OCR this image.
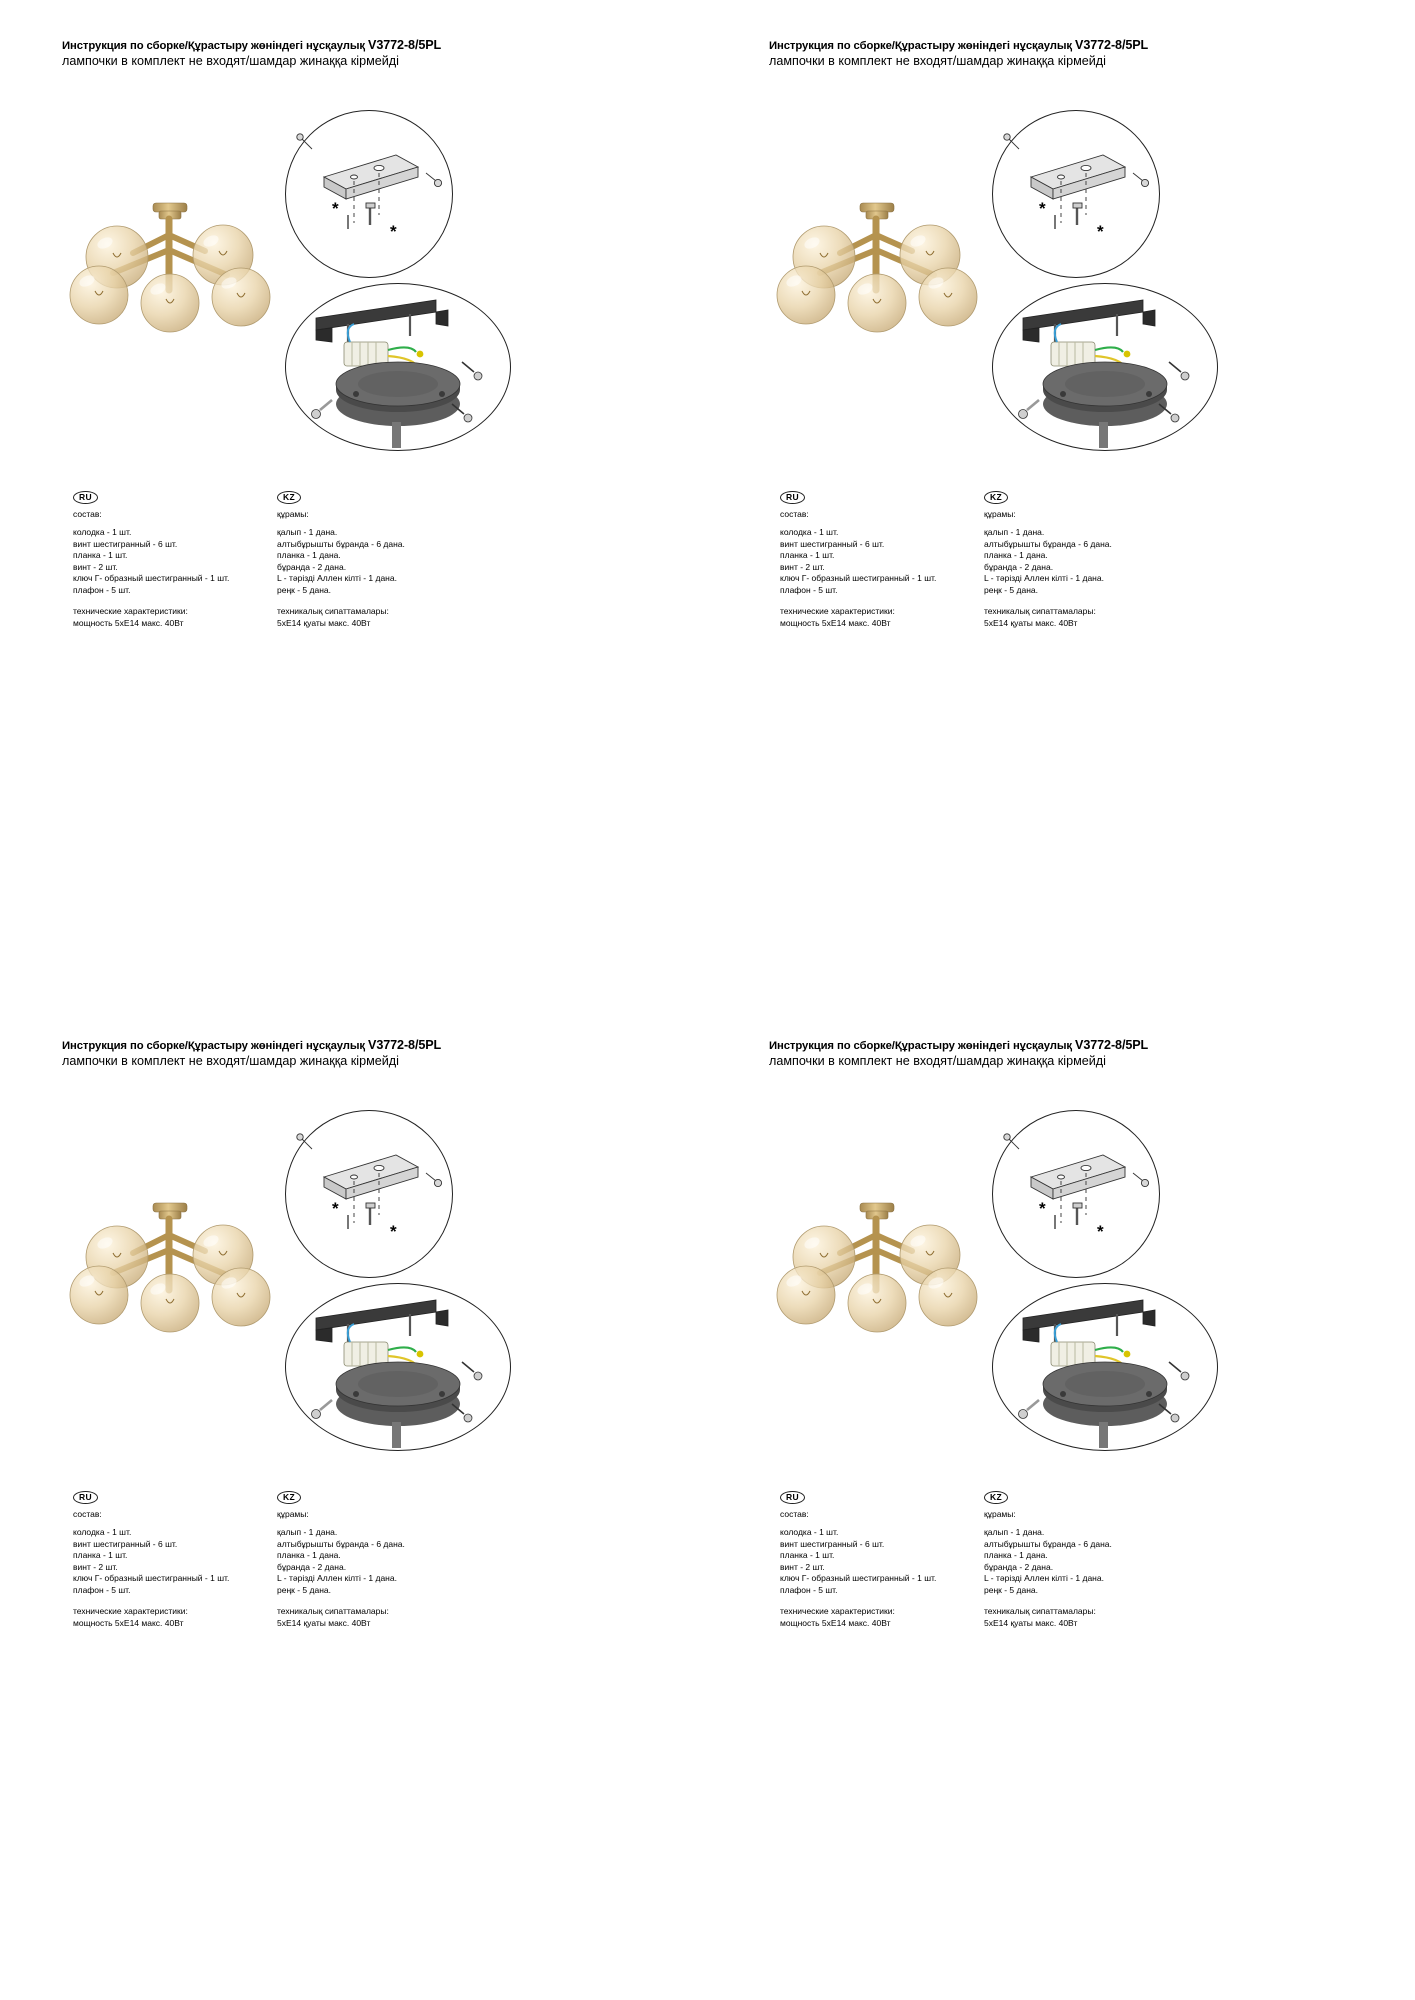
Инструкция по сборке/Құрастыру жөніндегі нұсқаулық V3772-8/5PL
лампочки в комплект не входят/шамдар жинаққа кірмейді
*
*
RU
состав:
колодка - 1 шт.
винт шестигранный - 6 шт.
планка - 1 шт.
винт - 2 шт.
ключ Г- образный шестигранный - 1 шт.
плафон - 5 шт.
технические характеристики:
мощность 5хЕ14 макс. 40Вт
KZ
құрамы:
қалып - 1 дана.
алтыбұрышты бұранда - 6 дана.
планка - 1 дана.
бұранда - 2 дана.
L - тәрізді Аллен кілті - 1 дана.
реңк - 5 дана.
техникалық сипаттамалары:
5хЕ14 қуаты макс. 40Вт
Инструкция по сборке/Құрастыру жөніндегі нұсқаулық V3772-8/5PL
лампочки в комплект не входят/шамдар жинаққа кірмейді
*
*
RU
состав:
колодка - 1 шт.
винт шестигранный - 6 шт.
планка - 1 шт.
винт - 2 шт.
ключ Г- образный шестигранный - 1 шт.
плафон - 5 шт.
технические характеристики:
мощность 5хЕ14 макс. 40Вт
KZ
құрамы:
қалып - 1 дана.
алтыбұрышты бұранда - 6 дана.
планка - 1 дана.
бұранда - 2 дана.
L - тәрізді Аллен кілті - 1 дана.
реңк - 5 дана.
техникалық сипаттамалары:
5хЕ14 қуаты макс. 40Вт
Инструкция по сборке/Құрастыру жөніндегі нұсқаулық V3772-8/5PL
лампочки в комплект не входят/шамдар жинаққа кірмейді
*
*
RU
состав:
колодка - 1 шт.
винт шестигранный - 6 шт.
планка - 1 шт.
винт - 2 шт.
ключ Г- образный шестигранный - 1 шт.
плафон - 5 шт.
технические характеристики:
мощность 5хЕ14 макс. 40Вт
KZ
құрамы:
қалып - 1 дана.
алтыбұрышты бұранда - 6 дана.
планка - 1 дана.
бұранда - 2 дана.
L - тәрізді Аллен кілті - 1 дана.
реңк - 5 дана.
техникалық сипаттамалары:
5хЕ14 қуаты макс. 40Вт
Инструкция по сборке/Құрастыру жөніндегі нұсқаулық V3772-8/5PL
лампочки в комплект не входят/шамдар жинаққа кірмейді
*
*
RU
состав:
колодка - 1 шт.
винт шестигранный - 6 шт.
планка - 1 шт.
винт - 2 шт.
ключ Г- образный шестигранный - 1 шт.
плафон - 5 шт.
технические характеристики:
мощность 5хЕ14 макс. 40Вт
KZ
құрамы:
қалып - 1 дана.
алтыбұрышты бұранда - 6 дана.
планка - 1 дана.
бұранда - 2 дана.
L - тәрізді Аллен кілті - 1 дана.
реңк - 5 дана.
техникалық сипаттамалары:
5хЕ14 қуаты макс. 40Вт
